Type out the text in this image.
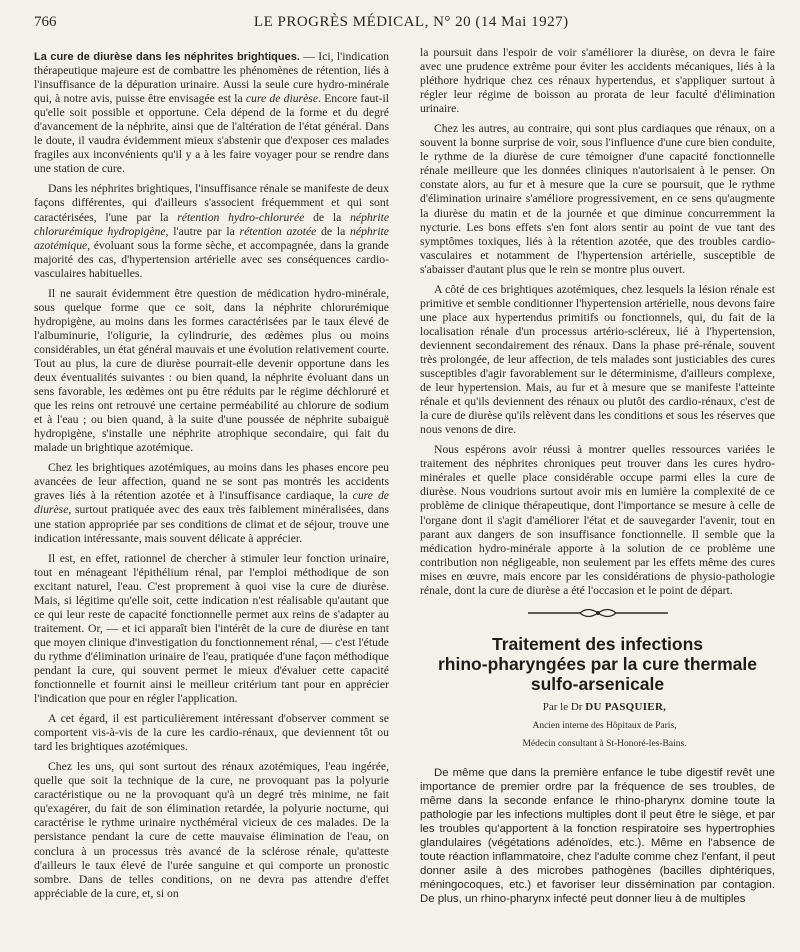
766	LE PROGRÈS MÉDICAL, N° 20 (14 Mai 1927)

La cure de diurèse dans les néphrites brightiques. — Ici, l'indication thérapeutique majeure est de combattre les phénomènes de rétention, liés à l'insuffisance de la dépuration urinaire. Aussi la seule cure hydro-minérale qui, à notre avis, puisse être envisagée est la cure de diurèse. Encore faut-il qu'elle soit possible et opportune. Cela dépend de la forme et du degré d'avancement de la néphrite, ainsi que de l'altération de l'état général. Dans le doute, il vaudra évidemment mieux s'abstenir que d'exposer ces malades fragiles aux inconvénients qu'il y a à les faire voyager pour se rendre dans une station de cure.

Dans les néphrites brightiques, l'insuffisance rénale se manifeste de deux façons différentes, qui d'ailleurs s'associent fréquemment et qui sont caractérisées, l'une par la rétention hydro-chlorurée de la néphrite chlorurémique hydropigène, l'autre par la rétention azotée de la néphrite azotémique, évoluant sous la forme sèche, et accompagnée, dans la grande majorité des cas, d'hypertension artérielle avec ses conséquences cardio-vasculaires habituelles.

Il ne saurait évidemment être question de médication hydro-minérale, sous quelque forme que ce soit, dans la néphrite chlorurémique hydropigène, au moins dans les formes caractérisées par le taux élevé de l'albuminurie, l'oligurie, la cylindrurie, des œdèmes plus ou moins considérables, un état général mauvais et une évolution relativement courte. Tout au plus, la cure de diurèse pourrait-elle devenir opportune dans les deux éventualités suivantes : ou bien quand, la néphrite évoluant dans un sens favorable, les œdèmes ont pu être réduits par le régime déchloruré et que les reins ont retrouvé une certaine perméabilité au chlorure de sodium et à l'eau ; ou bien quand, à la suite d'une poussée de néphrite subaiguë hydropigène, s'installe une néphrite atrophique secondaire, qui fait du malade un brightique azotémique.

Chez les brightiques azotémiques, au moins dans les phases encore peu avancées de leur affection, quand ne se sont pas montrés les accidents graves liés à la rétention azotée et à l'insuffisance cardiaque, la cure de diurèse, surtout pratiquée avec des eaux très faiblement minéralisées, dans une station appropriée par ses conditions de climat et de séjour, trouve une indication intéressante, mais souvent délicate à apprécier.

Il est, en effet, rationnel de chercher à stimuler leur fonction urinaire, tout en ménageant l'épithélium rénal, par l'emploi méthodique de son excitant naturel, l'eau. C'est proprement à quoi vise la cure de diurèse. Mais, si légitime qu'elle soit, cette indication n'est réalisable qu'autant que ce qui leur reste de capacité fonctionnelle permet aux reins de s'adapter au traitement. Or, — et ici apparaît bien l'intérêt de la cure de diurèse en tant que moyen clinique d'investigation du fonctionnement rénal, — c'est l'étude du rythme d'élimination urinaire de l'eau, pratiquée d'une façon méthodique pendant la cure, qui souvent permet le mieux d'évaluer cette capacité fonctionnelle et fournit ainsi le meilleur critérium tant pour en apprécier l'indication que pour en régler l'application.

A cet égard, il est particulièrement intéressant d'observer comment se comportent vis-à-vis de la cure les cardio-rénaux, que deviennent tôt ou tard les brightiques azotémiques.

Chez les uns, qui sont surtout des rénaux azotémiques, l'eau ingérée, quelle que soit la technique de la cure, ne provoquant pas la polyurie caractéristique ou ne la provoquant qu'à un degré très minime, ne fait qu'exagérer, du fait de son élimination retardée, la polyurie nocturne, qui caractérise le rythme urinaire nycthéméral vicieux de ces malades. De la persistance pendant la cure de cette mauvaise élimination de l'eau, on conclura à un processus très avancé de la sclérose rénale, qu'atteste d'ailleurs le taux élevé de l'urée sanguine et qui comporte un pronostic sombre. Dans de telles conditions, on ne devra pas attendre d'effet appréciable de la cure, et, si on

la poursuit dans l'espoir de voir s'améliorer la diurèse, on devra le faire avec une prudence extrême pour éviter les accidents mécaniques, liés à la pléthore hydrique chez ces rénaux hypertendus, et s'appliquer surtout à régler leur régime de boisson au prorata de leur faculté d'élimination urinaire.

Chez les autres, au contraire, qui sont plus cardiaques que rénaux, on a souvent la bonne surprise de voir, sous l'influence d'une cure bien conduite, le rythme de la diurèse de cure témoigner d'une capacité fonctionnelle rénale meilleure que les données cliniques n'autorisaient à le penser. On constate alors, au fur et à mesure que la cure se poursuit, que le rythme d'élimination urinaire s'améliore progressivement, en ce sens qu'augmente la diurèse du matin et de la journée et que diminue concurremment la nycturie. Les bons effets s'en font alors sentir au point de vue tant des symptômes toxiques, liés à la rétention azotée, que des troubles cardio-vasculaires et notamment de l'hypertension artérielle, susceptible de s'abaisser d'autant plus que le rein se montre plus ouvert.

A côté de ces brightiques azotémiques, chez lesquels la lésion rénale est primitive et semble conditionner l'hypertension artérielle, nous devons faire une place aux hypertendus primitifs ou fonctionnels, qui, du fait de la localisation rénale d'un processus artério-scléreux, lié à l'hypertension, deviennent secondairement des rénaux. Dans la phase pré-rénale, souvent très prolongée, de leur affection, de tels malades sont justiciables des cures susceptibles d'agir favorablement sur le déterminisme, d'ailleurs complexe, de leur hypertension. Mais, au fur et à mesure que se manifeste l'atteinte rénale et qu'ils deviennent des rénaux ou plutôt des cardio-rénaux, c'est de la cure de diurèse qu'ils relèvent dans les conditions et sous les réserves que nous venons de dire.

Nous espérons avoir réussi à montrer quelles ressources variées le traitement des néphrites chroniques peut trouver dans les cures hydro-minérales et quelle place considérable occupe parmi elles la cure de diurèse. Nous voudrions surtout avoir mis en lumière la complexité de ce problème de clinique thérapeutique, dont l'importance se mesure à celle de l'organe dont il s'agit d'améliorer l'état et de sauvegarder l'avenir, tout en parant aux dangers de son insuffisance fonctionnelle. Il semble que la médication hydro-minérale apporte à la solution de ce problème une contribution non négligeable, non seulement par les effets même des cures mises en œuvre, mais encore par les considérations de physio-pathologie rénale, dont la cure de diurèse a été l'occasion et le point de départ.

Traitement des infections
rhino-pharyngées par la cure thermale
sulfo-arsenicale

Par le Dr DU PASQUIER,

Ancien interne des Hôpitaux de Paris,

Médecin consultant à St-Honoré-les-Bains.

De même que dans la première enfance le tube digestif revêt une importance de premier ordre par la fréquence de ses troubles, de même dans la seconde enfance le rhino-pharynx domine toute la pathologie par les infections multiples dont il peut être le siège, et par les troubles qu'apportent à la fonction respiratoire ses hypertrophies glandulaires (végétations adénoïdes, etc.). Même en l'absence de toute réaction inflammatoire, chez l'adulte comme chez l'enfant, il peut donner asile à des microbes pathogènes (bacilles diphtériques, méningocoques, etc.) et favoriser leur dissémination par contagion. De plus, un rhino-pharynx infecté peut donner lieu à de multiples
